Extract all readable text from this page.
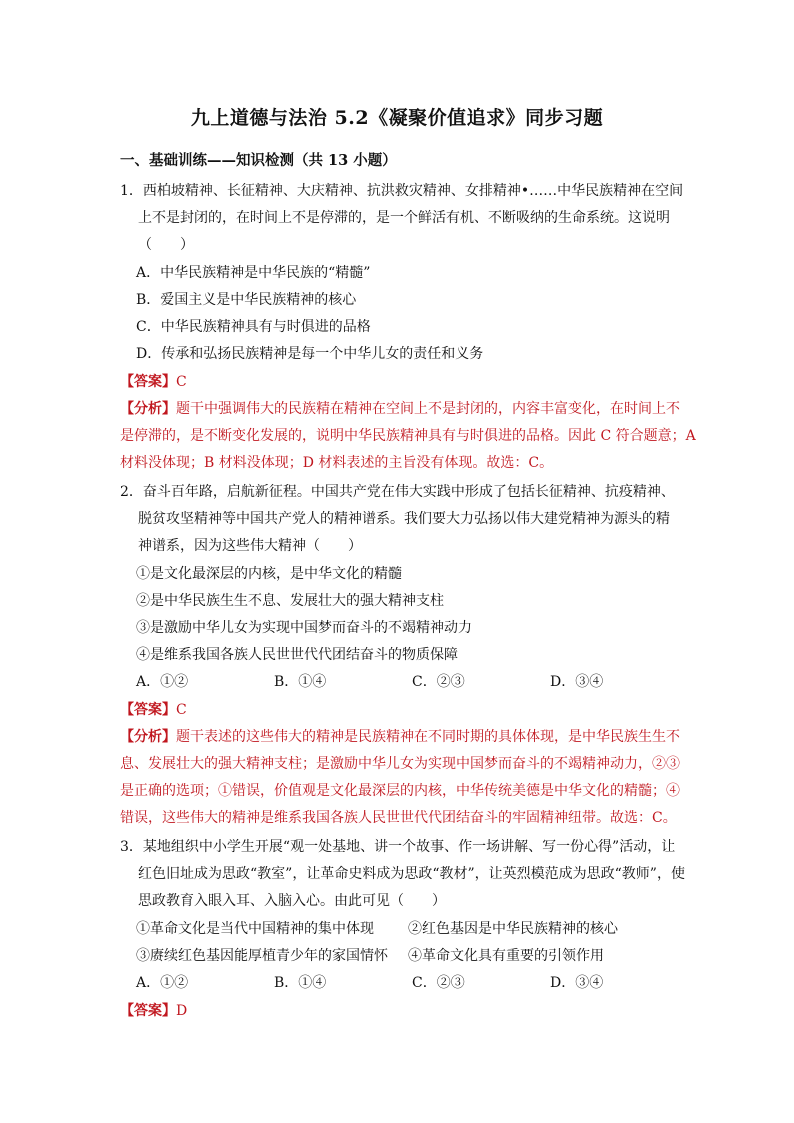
九上道德与法治 5.2《凝聚价值追求》同步习题
一、基础训练——知识检测（共 13 小题）
1．西柏坡精神、长征精神、大庆精神、抗洪救灾精神、女排精神•……中华民族精神在空间
上不是封闭的，在时间上不是停滞的，是一个鲜活有机、不断吸纳的生命系统。这说明
（　　）
A．中华民族精神是中华民族的“精髓”
B．爱国主义是中华民族精神的核心
C．中华民族精神具有与时俱进的品格
D．传承和弘扬民族精神是每一个中华儿女的责任和义务
【答案】C
【分析】题干中强调伟大的民族精在精神在空间上不是封闭的，内容丰富变化，在时间上不
是停滞的，是不断变化发展的，说明中华民族精神具有与时俱进的品格。因此 C 符合题意；A
材料没体现；B 材料没体现；D 材料表述的主旨没有体现。故选：C。
2．奋斗百年路，启航新征程。中国共产党在伟大实践中形成了包括长征精神、抗疫精神、
脱贫攻坚精神等中国共产党人的精神谱系。我们要大力弘扬以伟大建党精神为源头的精
神谱系，因为这些伟大精神（　　）
①是文化最深层的内核，是中华文化的精髓
②是中华民族生生不息、发展壮大的强大精神支柱
③是激励中华儿女为实现中国梦而奋斗的不竭精神动力
④是维系我国各族人民世世代代团结奋斗的物质保障
A．①②	B．①④	C．②③	D．③④
【答案】C
【分析】题干表述的这些伟大的精神是民族精神在不同时期的具体体现，是中华民族生生不
息、发展壮大的强大精神支柱；是激励中华儿女为实现中国梦而奋斗的不竭精神动力，②③
是正确的选项；①错误，价值观是文化最深层的内核，中华传统美德是中华文化的精髓；④
错误，这些伟大的精神是维系我国各族人民世世代代团结奋斗的牢固精神纽带。故选：C。
3．某地组织中小学生开展“观一处基地、讲一个故事、作一场讲解、写一份心得”活动，让
红色旧址成为思政“教室”，让革命史料成为思政“教材”，让英烈模范成为思政“教师”，使
思政教育入眼入耳、入脑入心。由此可见（　　）
①革命文化是当代中国精神的集中体现 ②红色基因是中华民族精神的核心
③赓续红色基因能厚植青少年的家国情怀 ④革命文化具有重要的引领作用
A．①②	B．①④	C．②③	D．③④
【答案】D
